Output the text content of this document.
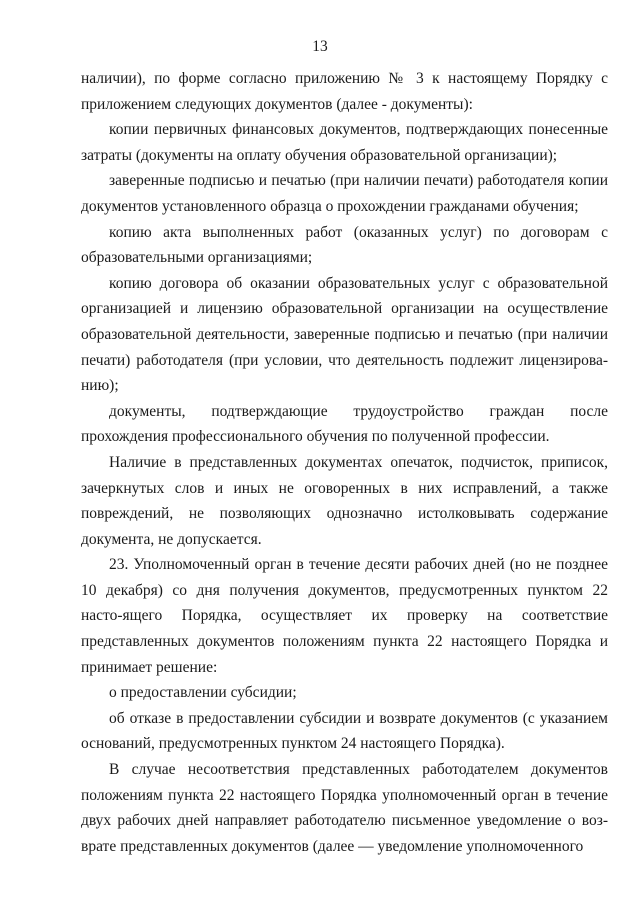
13

наличии), по форме согласно приложению № 3 к настоящему Порядку с приложением следующих документов (далее - документы):

копии первичных финансовых документов, подтверждающих понесенные затраты (документы на оплату обучения образовательной организации);

заверенные подписью и печатью (при наличии печати) работодателя копии документов установленного образца о прохождении гражданами обучения;

копию акта выполненных работ (оказанных услуг) по договорам с образовательными организациями;

копию договора об оказании образовательных услуг с образовательной организацией и лицензию образовательной организации на осуществление образовательной деятельности, заверенные подписью и печатью (при наличии печати) работодателя (при условии, что деятельность подлежит лицензирова-нию);

документы, подтверждающие трудоустройство граждан после прохождения профессионального обучения по полученной профессии.

Наличие в представленных документах опечаток, подчисток, приписок, зачеркнутых слов и иных не оговоренных в них исправлений, а также повреждений, не позволяющих однозначно истолковывать содержание документа, не допускается.

23. Уполномоченный орган в течение десяти рабочих дней (но не позднее 10 декабря) со дня получения документов, предусмотренных пунктом 22 насто-ящего Порядка, осуществляет их проверку на соответствие представленных документов положениям пункта 22 настоящего Порядка и принимает решение:

о предоставлении субсидии;

об отказе в предоставлении субсидии и возврате документов (с указанием оснований, предусмотренных пунктом 24 настоящего Порядка).

В случае несоответствия представленных работодателем документов положениям пункта 22 настоящего Порядка уполномоченный орган в течение двух рабочих дней направляет работодателю письменное уведомление о воз-врате представленных документов (далее — уведомление уполномоченного
